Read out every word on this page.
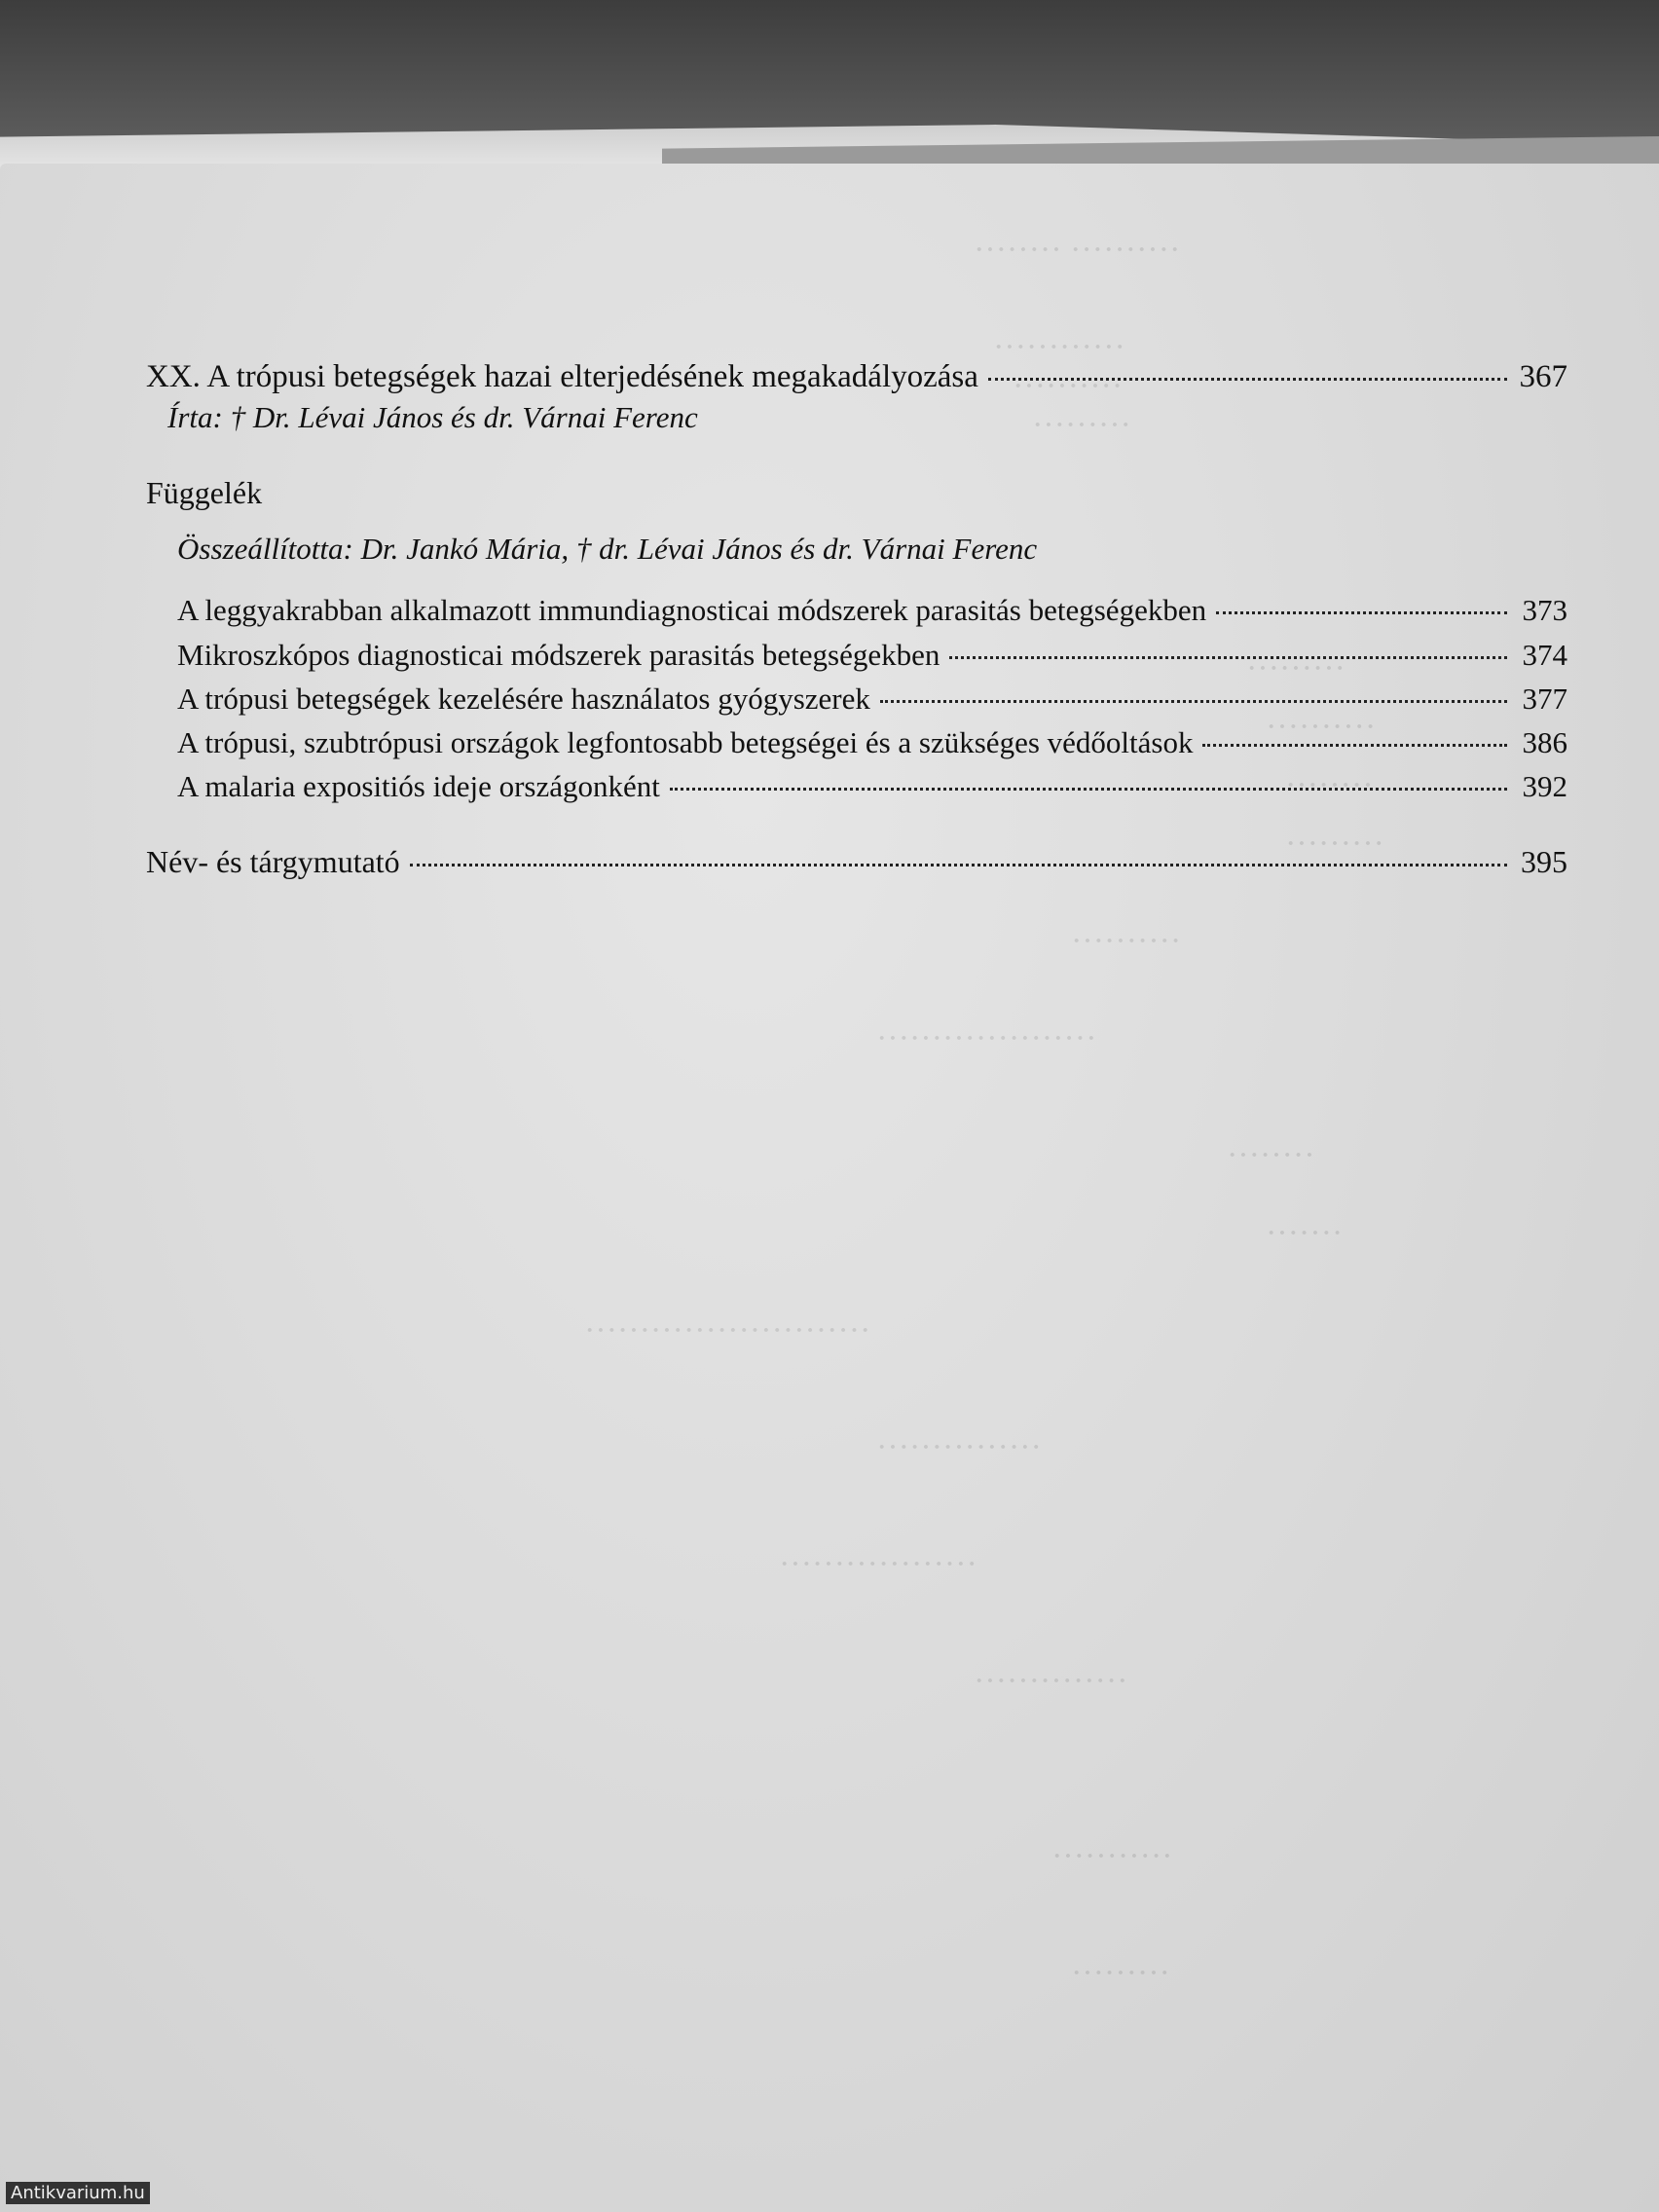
·········· ········
············
··········
·········
·········
··········
········
·········
··········
····················
········
·······
··························
···············
··················
··············
···········
·········
XX. A trópusi betegségek hazai elterjedésének megakadályozása	367
Írta: † Dr. Lévai János és dr. Várnai Ferenc
Függelék
Összeállította: Dr. Jankó Mária, † dr. Lévai János és dr. Várnai Ferenc
A leggyakrabban alkalmazott immundiagnosticai módszerek parasitás betegségekben	373
Mikroszkópos diagnosticai módszerek parasitás betegségekben	374
A trópusi betegségek kezelésére használatos gyógyszerek	377
A trópusi, szubtrópusi országok legfontosabb betegségei és a szükséges védőoltások	386
A malaria expositiós ideje országonként	392
Név- és tárgymutató	395
Antikvarium.hu
